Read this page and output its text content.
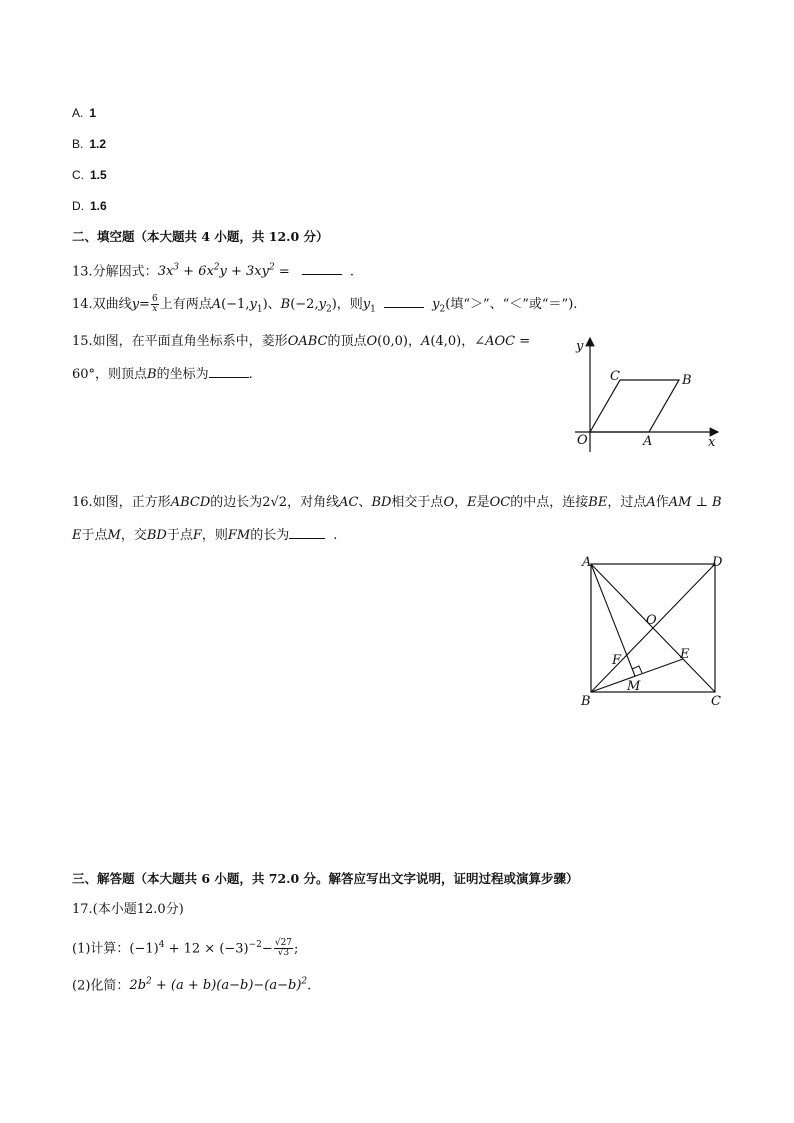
A. 1
B. 1.2
C. 1.5
D. 1.6
二、填空题（本大题共 4 小题，共 12.0 分）
13.分解因式：$3x^3 + 6x^2y + 3xy^2$ =	.
14.双曲线$y= \frac{6}{x}$ 上有两点$A(-1,y_1)$、$B(-2,y_2)$，则$y_1$	$y_2$(填“＞”、“＜”或“＝”).
15.如图，在平面直角坐标系中，菱形OABC的顶点O(0,0)，A(4,0)，∠AOC =
60°，则顶点B的坐标为	.
y
x
O	A
B
C
16.如图，正方形ABCD的边长为2√2，对角线AC、BD相交于点O，E是OC的中点，连接BE，过点A作AM ⊥ B
E于点M，交BD于点F，则FM的长为	.
A	D
B	C
O
E
F
M
三、解答题（本大题共 6 小题，共 72.0 分。解答应写出文字说明，证明过程或演算步骤）
17.(本小题12.0分)
(1)计算：$(-1)^4 + 12 \times (-3)^{-2}- \frac{√27}{√3}$ ;
(2)化简：$2b^2 + (a + b)(a-b)-(a-b)^2$.
